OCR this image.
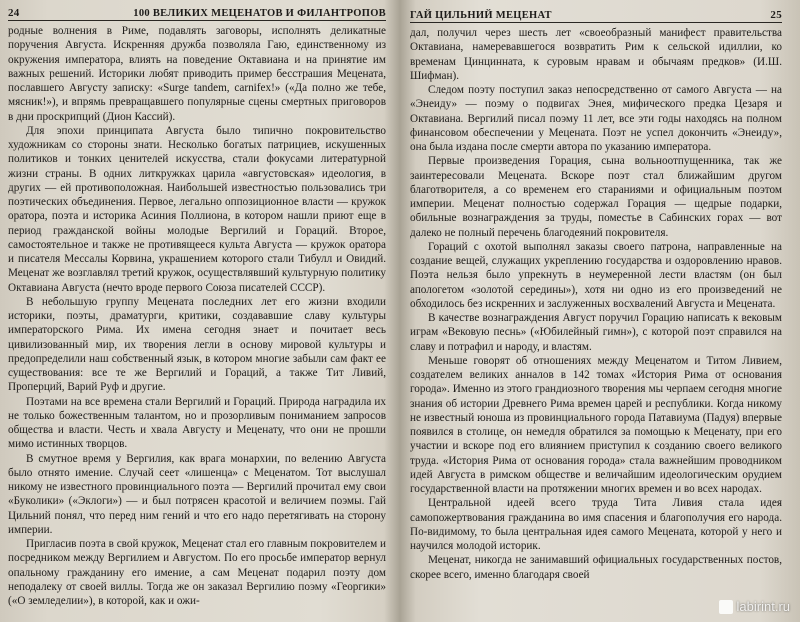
24	100 ВЕЛИКИХ МЕЦЕНАТОВ И ФИЛАНТРОПОВ

родные волнения в Риме, подавлять заговоры, исполнять деликатные поручения Августа. Искренняя дружба позволяла Гаю, единственному из окружения императора, влиять на поведение Октавиана и на принятие им важных решений. Историки любят приводить пример бесстрашия Мецената, пославшего Августу записку: «Surge tandem, carnifex!» («Да полно же тебе, мясник!»), и впрямь превращавшего популярные сцены смертных приговоров в дни проскрипций (Дион Кассий).

Для эпохи принципата Августа было типично покровительство художникам со стороны знати. Несколько богатых патрициев, искушенных политиков и тонких ценителей искусства, стали фокусами литературной жизни страны. В одних литкружках царила «августовская» идеология, в других — ей противоположная. Наибольшей известностью пользовались три поэтических объединения. Первое, легально оппозиционное власти — кружок оратора, поэта и историка Асиния Поллиона, в котором нашли приют еще в период гражданской войны молодые Вергилий и Гораций. Второе, самостоятельное и также не противящееся культа Августа — кружок оратора и писателя Мессалы Корвина, украшением которого стали Тибулл и Овидий. Меценат же возглавлял третий кружок, осуществлявший культурную политику Октавиана Августа (нечто вроде первого Союза писателей СССР).

В небольшую группу Мецената последних лет его жизни входили историки, поэты, драматурги, критики, создававшие славу культуры императорского Рима. Их имена сегодня знает и почитает весь цивилизованный мир, их творения легли в основу мировой культуры и предопределили наш собственный язык, в котором многие забыли сам факт ее существования: все те же Вергилий и Гораций, а также Тит Ливий, Проперций, Варий Руф и другие.

Поэтами на все времена стали Вергилий и Гораций. Природа наградила их не только божественным талантом, но и прозорливым пониманием запросов общества и власти. Честь и хвала Августу и Меценату, что они не прошли мимо истинных творцов.

В смутное время у Вергилия, как врага монархии, по велению Августа было отнято имение. Случай сеет «лишенца» с Меценатом. Тот выслушал никому не известного провинциального поэта — Вергилий прочитал ему свои «Буколики» («Эклоги») — и был потрясен красотой и величием поэмы. Гай Цильний понял, что перед ним гений и что его надо перетягивать на сторону империи.

Пригласив поэта в свой кружок, Меценат стал его главным покровителем и посредником между Вергилием и Августом. По его просьбе император вернул опальному гражданину его имение, а сам Меценат подарил поэту дом неподалеку от своей виллы. Тогда же он заказал Вергилию поэму «Георгики» («О земледелии»), в которой, как и ожи-

ГАЙ ЦИЛЬНИЙ МЕЦЕНАТ	25

дал, получил через шесть лет «своеобразный манифест правительства Октавиана, намеревавшегося возвратить Рим к сельской идиллии, ко временам Цинцинната, к суровым нравам и обычаям предков» (И.Ш. Шифман).

Следом поэту поступил заказ непосредственно от самого Августа — на «Энеиду» — поэму о подвигах Энея, мифического предка Цезаря и Октавиана. Вергилий писал поэму 11 лет, все эти годы находясь на полном финансовом обеспечении у Мецената. Поэт не успел докончить «Энеиду», она была издана после смерти автора по указанию императора.

Первые произведения Горация, сына вольноотпущенника, так же заинтересовали Мецената. Вскоре поэт стал ближайшим другом благотворителя, а со временем его стараниями и официальным поэтом империи. Меценат полностью содержал Горация — щедрые подарки, обильные вознаграждения за труды, поместье в Сабинских горах — вот далеко не полный перечень благодеяний покровителя.

Гораций с охотой выполнял заказы своего патрона, направленные на создание вещей, служащих укреплению государства и оздоровлению нравов. Поэта нельзя было упрекнуть в неумеренной лести властям (он был апологетом «золотой середины»), хотя ни одно из его произведений не обходилось без искренних и заслуженных восхвалений Августа и Мецената.

В качестве вознаграждения Август поручил Горацию написать к вековым играм «Вековую песнь» («Юбилейный гимн»), с которой поэт справился на славу и потрафил и народу, и властям.

Меньше говорят об отношениях между Меценатом и Титом Ливием, создателем великих анналов в 142 томах «История Рима от основания города». Именно из этого грандиозного творения мы черпаем сегодня многие знания об истории Древнего Рима времен царей и республики. Когда никому не известный юноша из провинциального города Патавиума (Падуя) впервые появился в столице, он немедля обратился за помощью к Меценату, при его участии и вскоре под его влиянием приступил к созданию своего великого труда. «История Рима от основания города» стала важнейшим проводником идей Августа в римском обществе и величайшим идеологическим орудием государственной власти на протяжении многих времен и во всех народах.

Центральной идеей всего труда Тита Ливия стала идея самопожертвования гражданина во имя спасения и благополучия его народа. По-видимому, то была центральная идея самого Мецената, которой у него и научился молодой историк.

Меценат, никогда не занимавший официальных государственных постов, скорее всего, именно благодаря своей

labirint.ru
